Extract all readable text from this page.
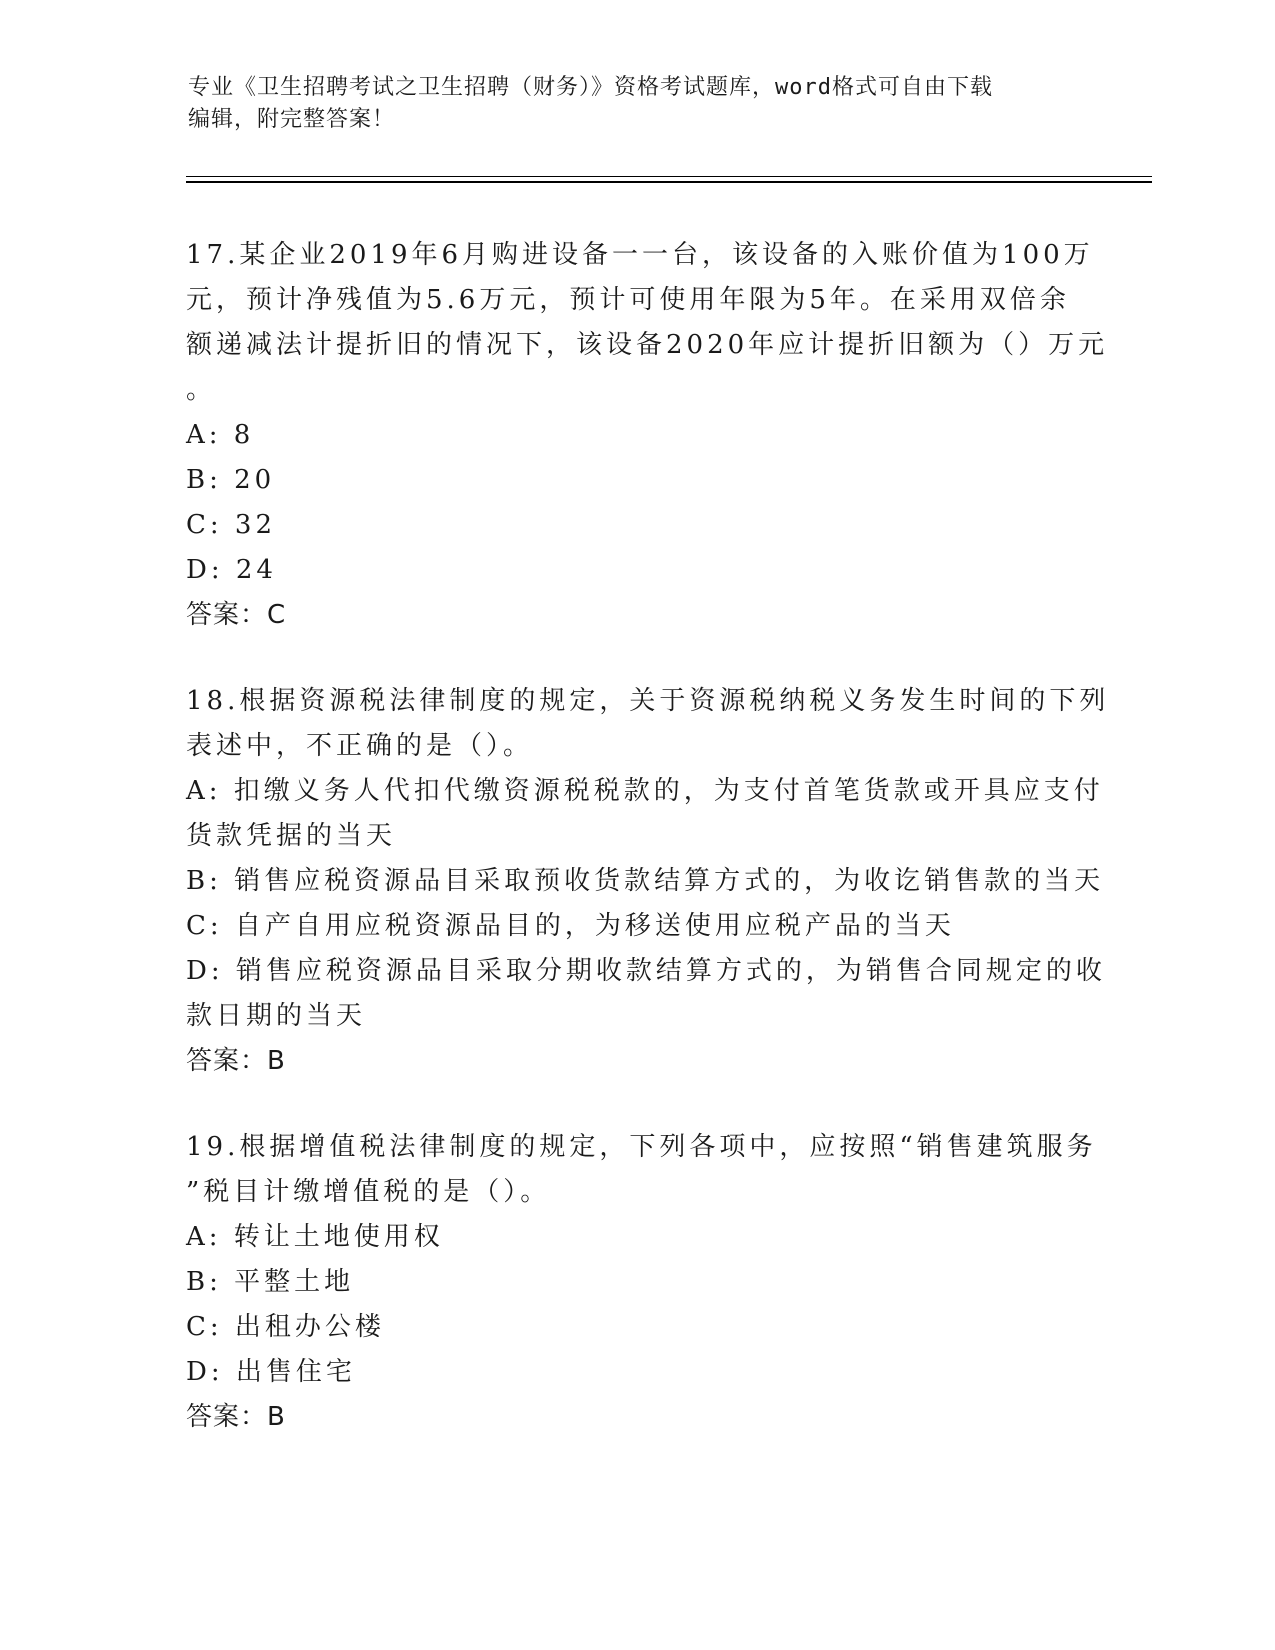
专业《卫生招聘考试之卫生招聘（财务）》资格考试题库，word格式可自由下载
编辑，附完整答案！
17.某企业2019年6月购进设备一一台，该设备的入账价值为100万
元，预计净残值为5.6万元，预计可使用年限为5年。在采用双倍余
额递减法计提折旧的情况下，该设备2020年应计提折旧额为（）万元
。
A: 8
B: 20
C: 32
D: 24
答案：C
18.根据资源税法律制度的规定，关于资源税纳税义务发生时间的下列
表述中，不正确的是（）。
A: 扣缴义务人代扣代缴资源税税款的，为支付首笔货款或开具应支付
货款凭据的当天
B: 销售应税资源品目采取预收货款结算方式的，为收讫销售款的当天
C: 自产自用应税资源品目的，为移送使用应税产品的当天
D: 销售应税资源品目采取分期收款结算方式的，为销售合同规定的收
款日期的当天
答案：B
19.根据增值税法律制度的规定，下列各项中，应按照“销售建筑服务
”税目计缴增值税的是（）。
A: 转让土地使用权
B: 平整土地
C: 出租办公楼
D: 出售住宅
答案：B
